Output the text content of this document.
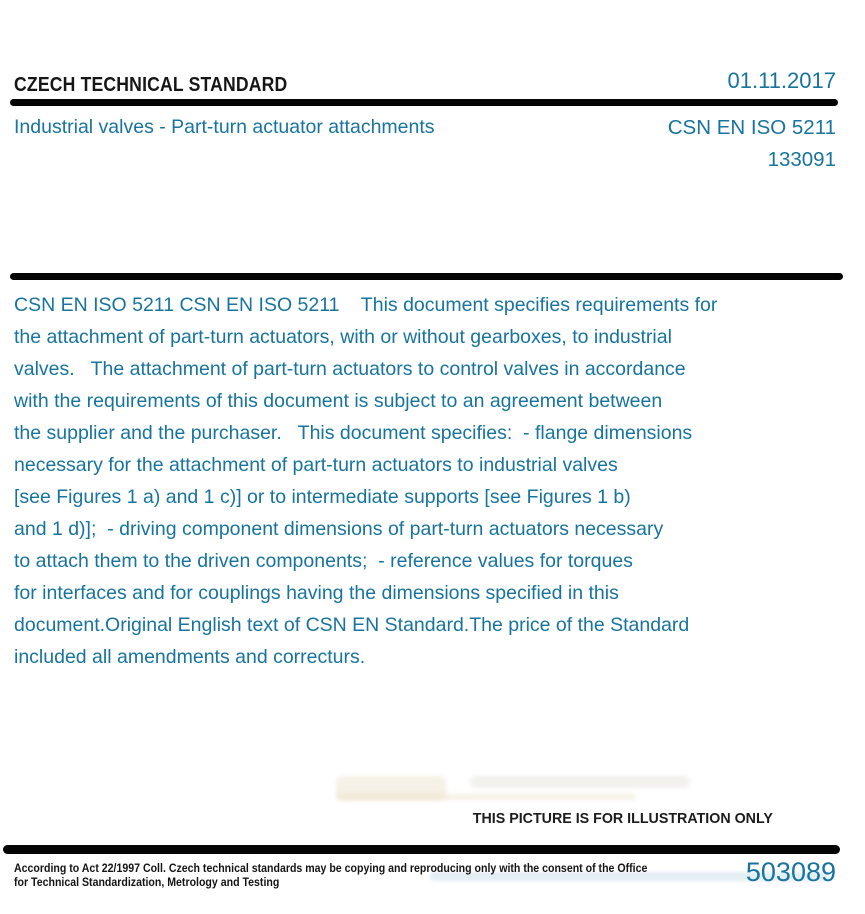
CZECH TECHNICAL STANDARD	01.11.2017
Industrial valves - Part-turn actuator attachments	CSN EN ISO 5211
133091
CSN EN ISO 5211 CSN EN ISO 5211    This document specifies requirements for
the attachment of part-turn actuators, with or without gearboxes, to industrial
valves.   The attachment of part-turn actuators to control valves in accordance
with the requirements of this document is subject to an agreement between
the supplier and the purchaser.   This document specifies:  - flange dimensions
necessary for the attachment of part-turn actuators to industrial valves
[see Figures 1 a) and 1 c)] or to intermediate supports [see Figures 1 b)
and 1 d)];  - driving component dimensions of part-turn actuators necessary
to attach them to the driven components;  - reference values for torques
for interfaces and for couplings having the dimensions specified in this
document.Original English text of CSN EN Standard.The price of the Standard
included all amendments and correcturs.
THIS PICTURE IS FOR ILLUSTRATION ONLY
According to Act 22/1997 Coll. Czech technical standards may be copying and reproducing only with the consent of the Office
for Technical Standardization, Metrology and Testing	503089
